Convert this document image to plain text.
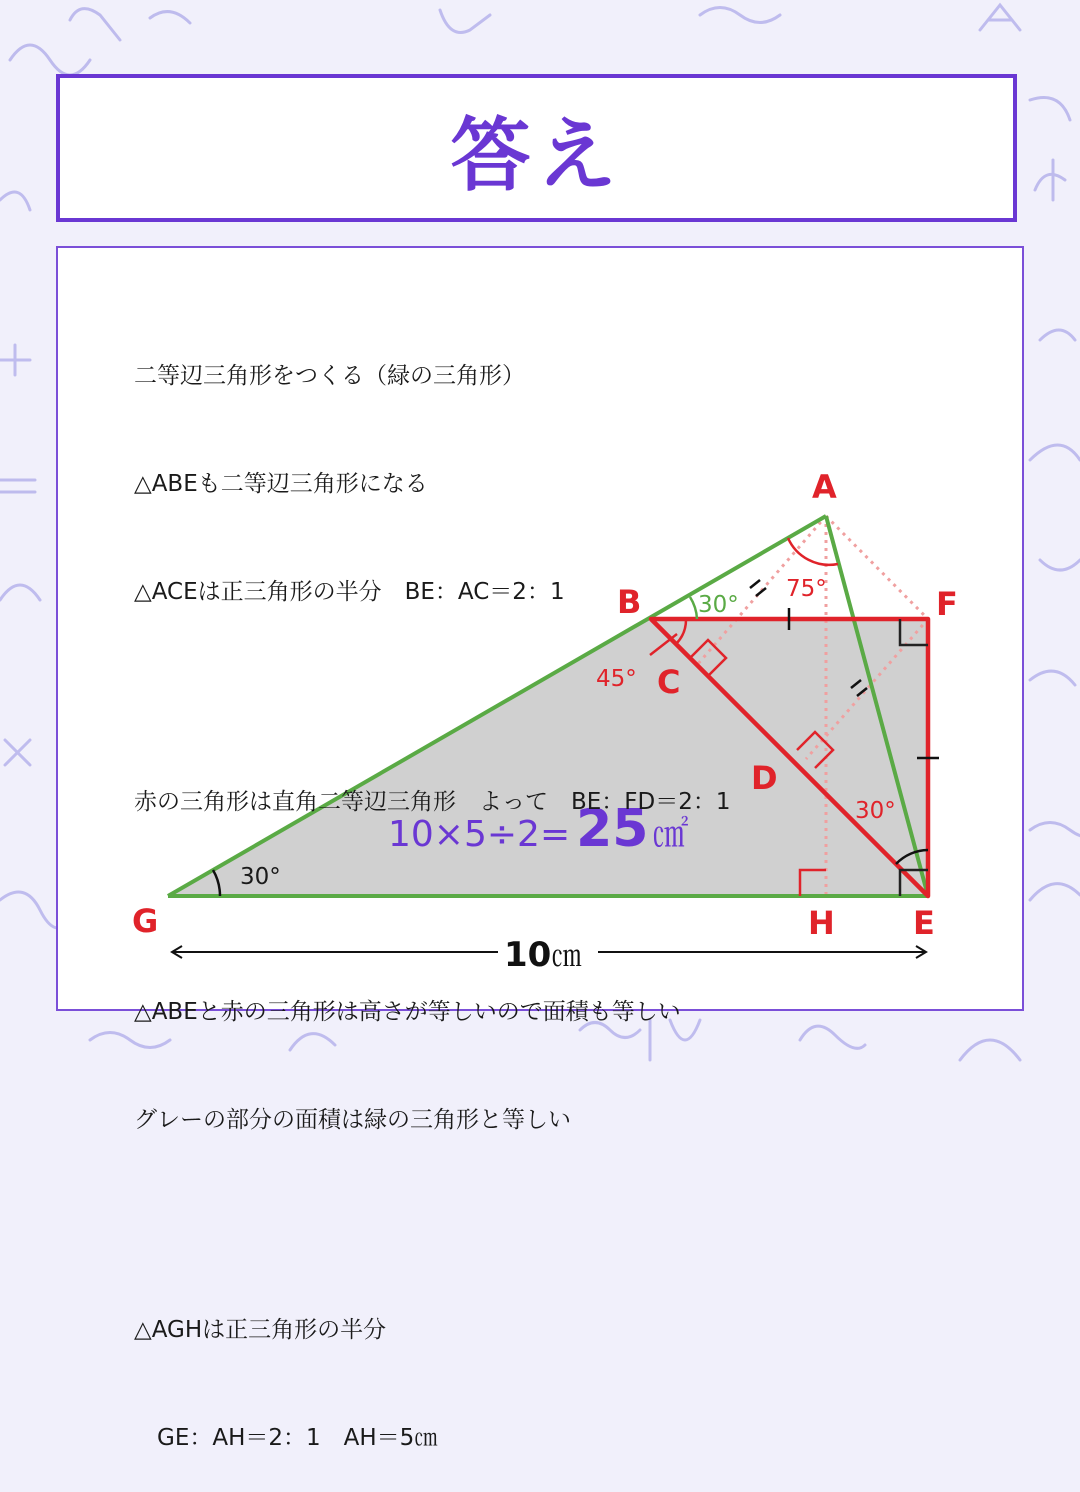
答え
A
B
C
D
E
F
G	H
30°
30°
75°
45°
30°
10×5÷2= 25 ㎠
10㎝

二等辺三角形をつくる（緑の三角形）

△ABEも二等辺三角形になる

△ACEは正三角形の半分　BE：AC＝2：1

赤の三角形は直角二等辺三角形　よって　BE：FD＝2：1

△ABEと赤の三角形は高さが等しいので面積も等しい

グレーの部分の面積は緑の三角形と等しい

△AGHは正三角形の半分

　GE：AH＝2：1　AH＝5㎝
